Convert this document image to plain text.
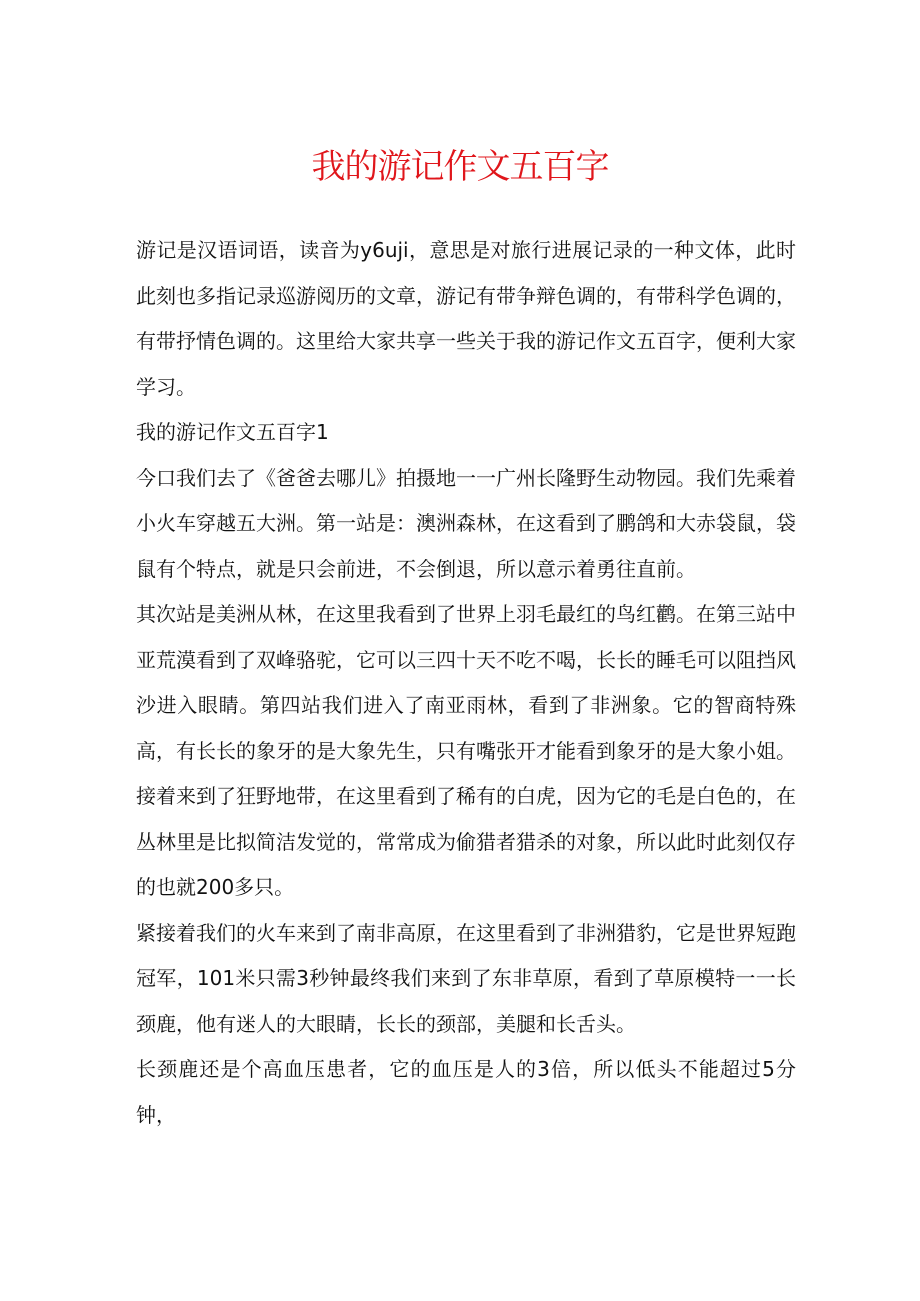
我的游记作文五百字

游记是汉语词语，读音为y6uji，意思是对旅行进展记录的一种文体，此时此刻也多指记录巡游阅历的文章，游记有带争辩色调的，有带科学色调的，有带抒情色调的。这里给大家共享一些关于我的游记作文五百字，便利大家学习。

我的游记作文五百字1

今口我们去了《爸爸去哪儿》拍摄地一一广州长隆野生动物园。我们先乘着小火车穿越五大洲。第一站是：澳洲森林，在这看到了鹏鸽和大赤袋鼠，袋鼠有个特点，就是只会前进，不会倒退，所以意示着勇往直前。

其次站是美洲从林，在这里我看到了世界上羽毛最红的鸟红鹳。在第三站中亚荒漠看到了双峰骆驼，它可以三四十天不吃不喝，长长的睡毛可以阻挡风沙进入眼睛。第四站我们进入了南亚雨林，看到了非洲象。它的智商特殊高，有长长的象牙的是大象先生，只有嘴张开才能看到象牙的是大象小姐。

接着来到了狂野地带，在这里看到了稀有的白虎，因为它的毛是白色的，在丛林里是比拟简洁发觉的，常常成为偷猎者猎杀的对象，所以此时此刻仅存的也就200多只。

紧接着我们的火车来到了南非高原，在这里看到了非洲猎豹，它是世界短跑冠军，101米只需3秒钟最终我们来到了东非草原，看到了草原模特一一长颈鹿，他有迷人的大眼睛，长长的颈部，美腿和长舌头。

长颈鹿还是个高血压患者，它的血压是人的3倍，所以低头不能超过5分钟，
